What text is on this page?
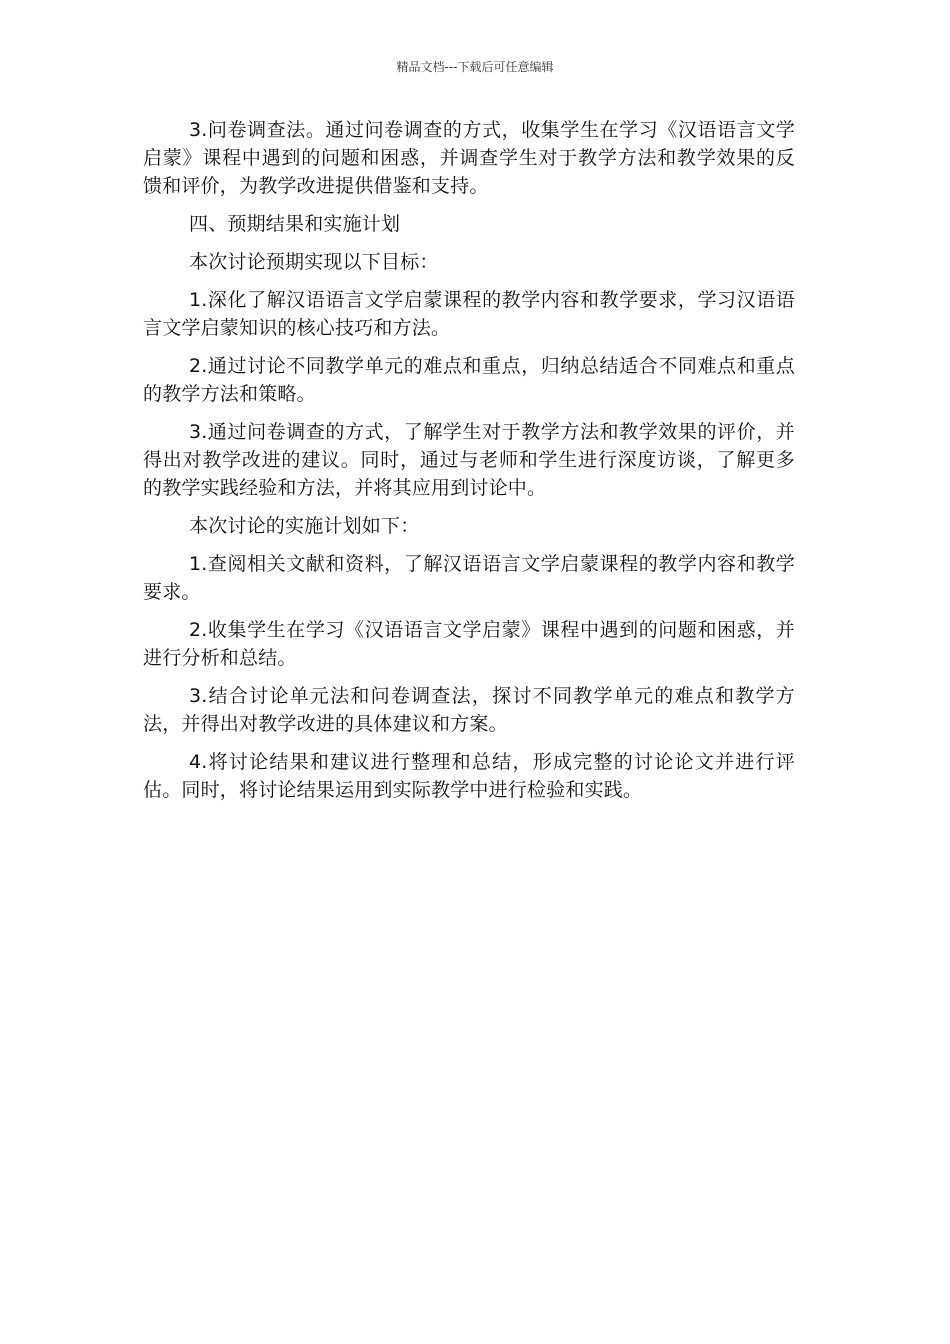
精品文档---下载后可任意编辑

3.问卷调查法。通过问卷调查的方式，收集学生在学习《汉语语言文学启蒙》课程中遇到的问题和困惑，并调查学生对于教学方法和教学效果的反馈和评价，为教学改进提供借鉴和支持。

四、预期结果和实施计划

本次讨论预期实现以下目标：

1.深化了解汉语语言文学启蒙课程的教学内容和教学要求，学习汉语语言文学启蒙知识的核心技巧和方法。

2.通过讨论不同教学单元的难点和重点，归纳总结适合不同难点和重点的教学方法和策略。

3.通过问卷调查的方式，了解学生对于教学方法和教学效果的评价，并得出对教学改进的建议。同时，通过与老师和学生进行深度访谈，了解更多的教学实践经验和方法，并将其应用到讨论中。

本次讨论的实施计划如下：

1.查阅相关文献和资料，了解汉语语言文学启蒙课程的教学内容和教学要求。

2.收集学生在学习《汉语语言文学启蒙》课程中遇到的问题和困惑，并进行分析和总结。

3.结合讨论单元法和问卷调查法，探讨不同教学单元的难点和教学方法，并得出对教学改进的具体建议和方案。

4.将讨论结果和建议进行整理和总结，形成完整的讨论论文并进行评估。同时，将讨论结果运用到实际教学中进行检验和实践。
